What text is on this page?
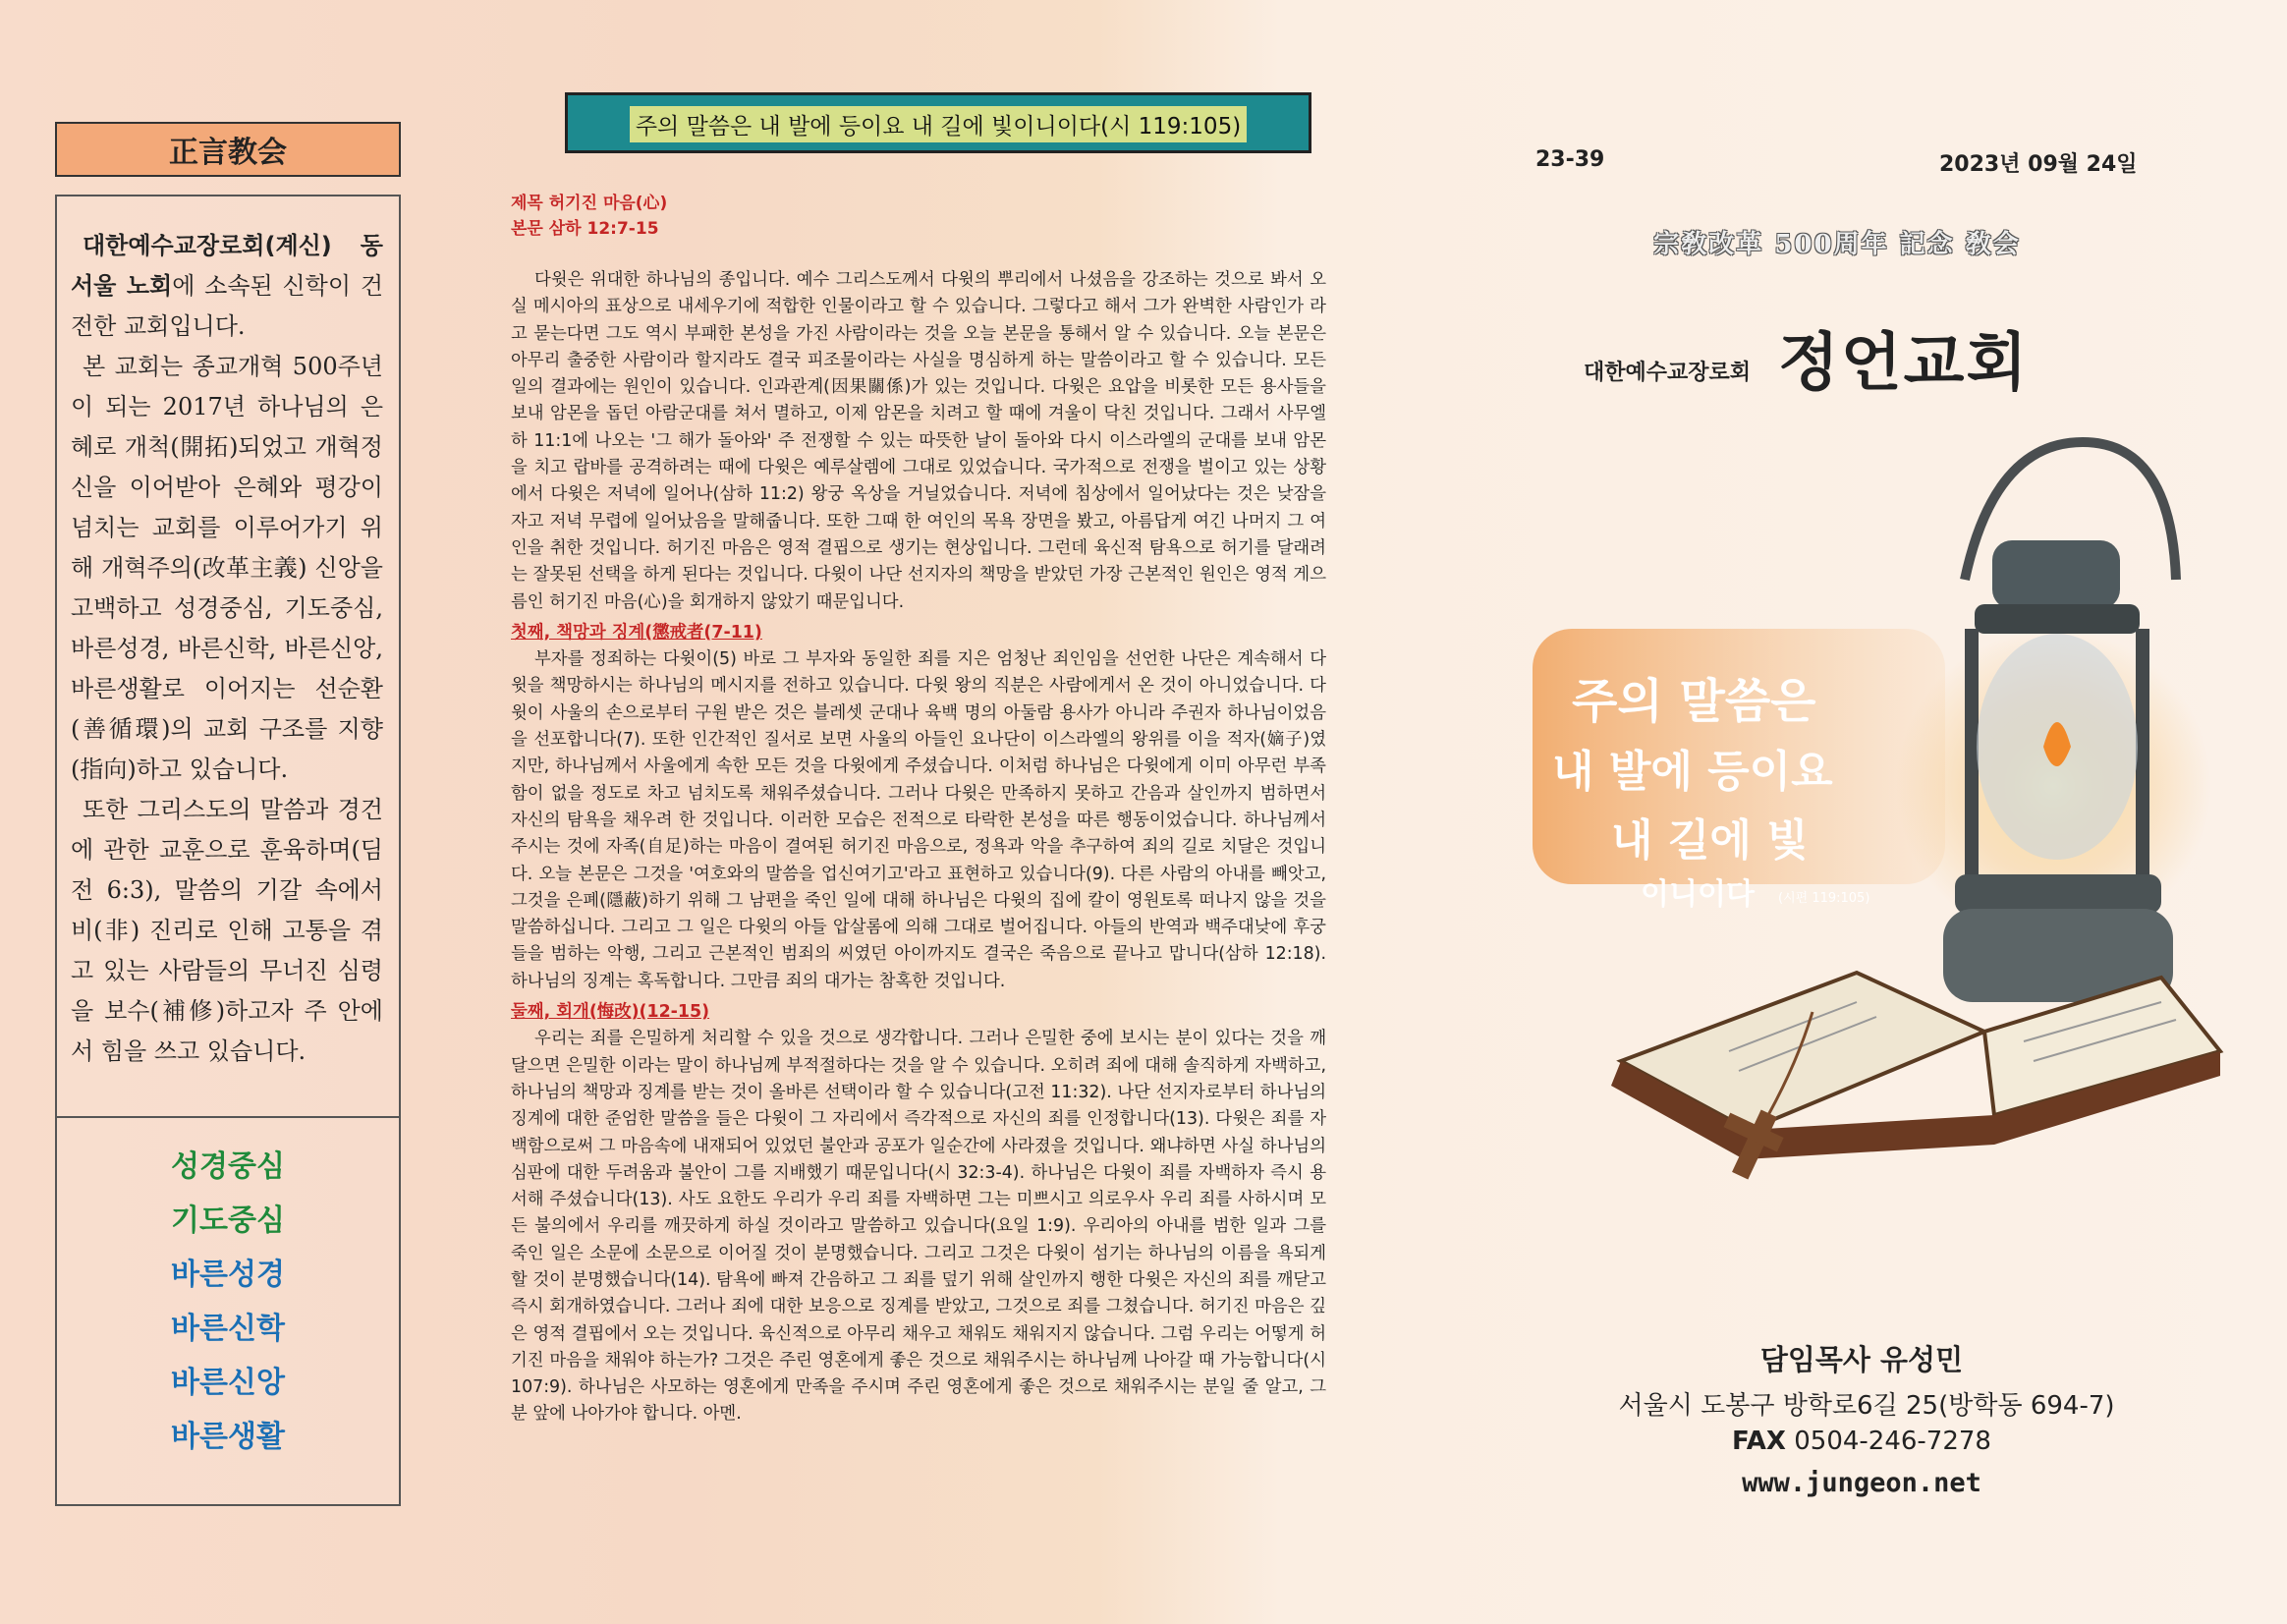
正言教会

대한예수교장로회(계신) 동서울 노회에 소속된 신학이 건전한 교회입니다.

본 교회는 종교개혁 500주년이 되는 2017년 하나님의 은혜로 개척(開拓)되었고 개혁정신을 이어받아 은혜와 평강이 넘치는 교회를 이루어가기 위해 개혁주의(改革主義) 신앙을 고백하고 성경중심, 기도중심, 바른성경, 바른신학, 바른신앙, 바른생활로 이어지는 선순환(善循環)의 교회 구조를 지향(指向)하고 있습니다.

또한 그리스도의 말씀과 경건에 관한 교훈으로 훈육하며(딤전 6:3), 말씀의 기갈 속에서 비(非) 진리로 인해 고통을 겪고 있는 사람들의 무너진 심령을 보수(補修)하고자 주 안에서 힘을 쓰고 있습니다.

성경중심
기도중심
바른성경
바른신학
바른신앙
바른생활
주의 말씀은 내 발에 등이요 내 길에 빛이니이다(시 119:105)
제목 허기진 마음(心)
본문 삼하 12:7-15

다윗은 위대한 하나님의 종입니다. 예수 그리스도께서 다윗의 뿌리에서 나셨음을 강조하는 것으로 봐서 오실 메시아의 표상으로 내세우기에 적합한 인물이라고 할 수 있습니다. 그렇다고 해서 그가 완벽한 사람인가 라고 묻는다면 그도 역시 부패한 본성을 가진 사람이라는 것을 오늘 본문을 통해서 알 수 있습니다. 오늘 본문은 아무리 출중한 사람이라 할지라도 결국 피조물이라는 사실을 명심하게 하는 말씀이라고 할 수 있습니다. 모든 일의 결과에는 원인이 있습니다. 인과관계(因果關係)가 있는 것입니다. 다윗은 요압을 비롯한 모든 용사들을 보내 암몬을 돕던 아람군대를 쳐서 멸하고, 이제 암몬을 치려고 할 때에 겨울이 닥친 것입니다. 그래서 사무엘하 11:1에 나오는 '그 해가 돌아와' 주 전쟁할 수 있는 따뜻한 날이 돌아와 다시 이스라엘의 군대를 보내 암몬을 치고 랍바를 공격하려는 때에 다윗은 예루살렘에 그대로 있었습니다. 국가적으로 전쟁을 벌이고 있는 상황에서 다윗은 저녁에 일어나(삼하 11:2) 왕궁 옥상을 거닐었습니다. 저녁에 침상에서 일어났다는 것은 낮잠을 자고 저녁 무렵에 일어났음을 말해줍니다. 또한 그때 한 여인의 목욕 장면을 봤고, 아름답게 여긴 나머지 그 여인을 취한 것입니다. 허기진 마음은 영적 결핍으로 생기는 현상입니다. 그런데 육신적 탐욕으로 허기를 달래려는 잘못된 선택을 하게 된다는 것입니다. 다윗이 나단 선지자의 책망을 받았던 가장 근본적인 원인은 영적 게으름인 허기진 마음(心)을 회개하지 않았기 때문입니다.

첫째, 책망과 징계(懲戒者(7-11)

부자를 정죄하는 다윗이(5) 바로 그 부자와 동일한 죄를 지은 엄청난 죄인임을 선언한 나단은 계속해서 다윗을 책망하시는 하나님의 메시지를 전하고 있습니다. 다윗 왕의 직분은 사람에게서 온 것이 아니었습니다. 다윗이 사울의 손으로부터 구원 받은 것은 블레셋 군대나 육백 명의 아둘람 용사가 아니라 주권자 하나님이었음을 선포합니다(7). 또한 인간적인 질서로 보면 사울의 아들인 요나단이 이스라엘의 왕위를 이을 적자(嫡子)였지만, 하나님께서 사울에게 속한 모든 것을 다윗에게 주셨습니다. 이처럼 하나님은 다윗에게 이미 아무런 부족함이 없을 정도로 차고 넘치도록 채워주셨습니다. 그러나 다윗은 만족하지 못하고 간음과 살인까지 범하면서 자신의 탐욕을 채우려 한 것입니다. 이러한 모습은 전적으로 타락한 본성을 따른 행동이었습니다. 하나님께서 주시는 것에 자족(自足)하는 마음이 결여된 허기진 마음으로, 정욕과 악을 추구하여 죄의 길로 치달은 것입니다. 오늘 본문은 그것을 '여호와의 말씀을 업신여기고'라고 표현하고 있습니다(9). 다른 사람의 아내를 빼앗고, 그것을 은폐(隱蔽)하기 위해 그 남편을 죽인 일에 대해 하나님은 다윗의 집에 칼이 영원토록 떠나지 않을 것을 말씀하십니다. 그리고 그 일은 다윗의 아들 압살롬에 의해 그대로 벌어집니다. 아들의 반역과 백주대낮에 후궁들을 범하는 악행, 그리고 근본적인 범죄의 씨였던 아이까지도 결국은 죽음으로 끝나고 맙니다(삼하 12:18). 하나님의 징계는 혹독합니다. 그만큼 죄의 대가는 참혹한 것입니다.

둘째, 회개(悔改)(12-15)

우리는 죄를 은밀하게 처리할 수 있을 것으로 생각합니다. 그러나 은밀한 중에 보시는 분이 있다는 것을 깨달으면 은밀한 이라는 말이 하나님께 부적절하다는 것을 알 수 있습니다. 오히려 죄에 대해 솔직하게 자백하고, 하나님의 책망과 징계를 받는 것이 올바른 선택이라 할 수 있습니다(고전 11:32). 나단 선지자로부터 하나님의 징계에 대한 준엄한 말씀을 들은 다윗이 그 자리에서 즉각적으로 자신의 죄를 인정합니다(13). 다윗은 죄를 자백함으로써 그 마음속에 내재되어 있었던 불안과 공포가 일순간에 사라졌을 것입니다. 왜냐하면 사실 하나님의 심판에 대한 두려움과 불안이 그를 지배했기 때문입니다(시 32:3-4). 하나님은 다윗이 죄를 자백하자 즉시 용서해 주셨습니다(13). 사도 요한도 우리가 우리 죄를 자백하면 그는 미쁘시고 의로우사 우리 죄를 사하시며 모든 불의에서 우리를 깨끗하게 하실 것이라고 말씀하고 있습니다(요일 1:9). 우리아의 아내를 범한 일과 그를 죽인 일은 소문에 소문으로 이어질 것이 분명했습니다. 그리고 그것은 다윗이 섬기는 하나님의 이름을 욕되게 할 것이 분명했습니다(14). 탐욕에 빠져 간음하고 그 죄를 덮기 위해 살인까지 행한 다윗은 자신의 죄를 깨닫고 즉시 회개하였습니다. 그러나 죄에 대한 보응으로 징계를 받았고, 그것으로 죄를 그쳤습니다. 허기진 마음은 깊은 영적 결핍에서 오는 것입니다. 육신적으로 아무리 채우고 채워도 채워지지 않습니다. 그럼 우리는 어떻게 허기진 마음을 채워야 하는가? 그것은 주린 영혼에게 좋은 것으로 채워주시는 하나님께 나아갈 때 가능합니다(시 107:9). 하나님은 사모하는 영혼에게 만족을 주시며 주린 영혼에게 좋은 것으로 채워주시는 분일 줄 알고, 그분 앞에 나아가야 합니다. 아멘.

23-39	2023년 09월 24일
宗敎改革 500周年 記念 敎会
대한예수교장로회 정언교회
주의 말씀은
내 발에 등이요
내 길에 빛
이니이다 (시편 119:105)
담임목사 유성민
서울시 도봉구 방학로6길 25(방학동 694-7)
FAX 0504-246-7278
www.jungeon.net
